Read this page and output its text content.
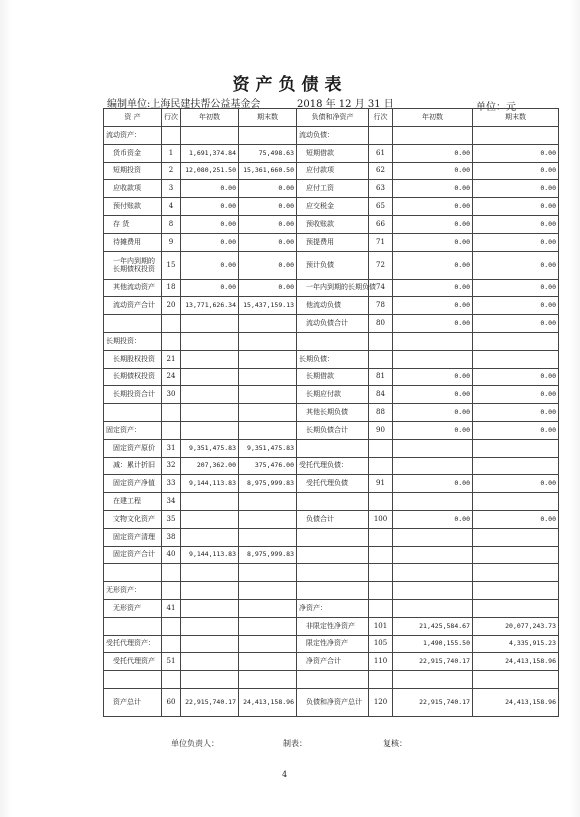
资产负债表
编制单位:上海民建扶帮公益基金会	2018 年 12 月 31 日	单位：元
资 产	行次	年初数	期末数	负债和净资产	行次	年初数	期末数
流动资产：				流动负债：			
货币资金	1	1,691,374.84	75,498.63	短期借款	61	0.00	0.00
短期投资	2	12,080,251.50	15,361,660.50	应付款项	62	0.00	0.00
应收款项	3	0.00	0.00	应付工资	63	0.00	0.00
预付账款	4	0.00	0.00	应交税金	65	0.00	0.00
存 货	8	0.00	0.00	预收账款	66	0.00	0.00
待摊费用	9	0.00	0.00	预提费用	71	0.00	0.00
一年内到期的长期债权投资	15	0.00	0.00	预计负债	72	0.00	0.00
其他流动资产	18	0.00	0.00	一年内到期的长期负债	74	0.00	0.00
流动资产合计	20	13,771,626.34	15,437,159.13	他流动负债	78	0.00	0.00
				流动负债合计	80	0.00	0.00
长期投资：							
长期股权投资	21			长期负债：			
长期债权投资	24			长期借款	81	0.00	0.00
长期投资合计	30			长期应付款	84	0.00	0.00
				其他长期负债	88	0.00	0.00
固定资产：				长期负债合计	90	0.00	0.00
固定资产原价	31	9,351,475.83	9,351,475.83				
减：累计折旧	32	207,362.00	375,476.00	受托代理负债：			
固定资产净值	33	9,144,113.83	8,975,999.83	受托代理负债	91	0.00	0.00
在建工程	34						
文物文化资产	35			负债合计	100	0.00	0.00
固定资产清理	38						
固定资产合计	40	9,144,113.83	8,975,999.83				

无形资产：							
无形资产	41			净资产：			
				非限定性净资产	101	21,425,584.67	20,077,243.73
受托代理资产：				限定性净资产	105	1,490,155.50	4,335,915.23
受托代理资产	51			净资产合计	110	22,915,740.17	24,413,158.96

资产总计	60	22,915,740.17	24,413,158.96	负债和净资产总计	120	22,915,740.17	24,413,158.96
单位负责人：	制表：	复核：
4
